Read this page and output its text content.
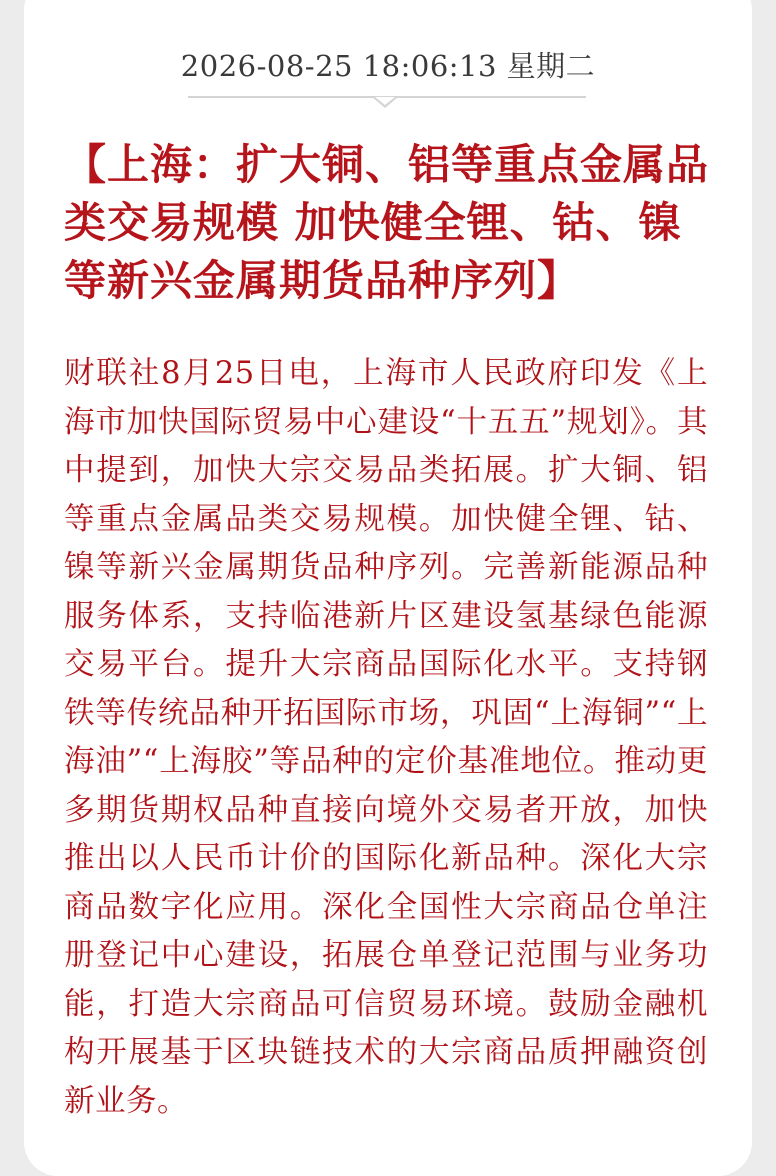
2026-08-25 18:06:13 星期二
【上海：扩大铜、铝等重点金属品类交易规模 加快健全锂、钴、镍等新兴金属期货品种序列】

财联社8月25日电，上海市人民政府印发《上海市加快国际贸易中心建设“十五五”规划》。其中提到，加快大宗交易品类拓展。扩大铜、铝等重点金属品类交易规模。加快健全锂、钴、镍等新兴金属期货品种序列。完善新能源品种服务体系，支持临港新片区建设氢基绿色能源交易平台。提升大宗商品国际化水平。支持钢铁等传统品种开拓国际市场，巩固“上海铜”“上海油”“上海胶”等品种的定价基准地位。推动更多期货期权品种直接向境外交易者开放，加快推出以人民币计价的国际化新品种。深化大宗商品数字化应用。深化全国性大宗商品仓单注册登记中心建设，拓展仓单登记范围与业务功能，打造大宗商品可信贸易环境。鼓励金融机构开展基于区块链技术的大宗商品质押融资创新业务。
